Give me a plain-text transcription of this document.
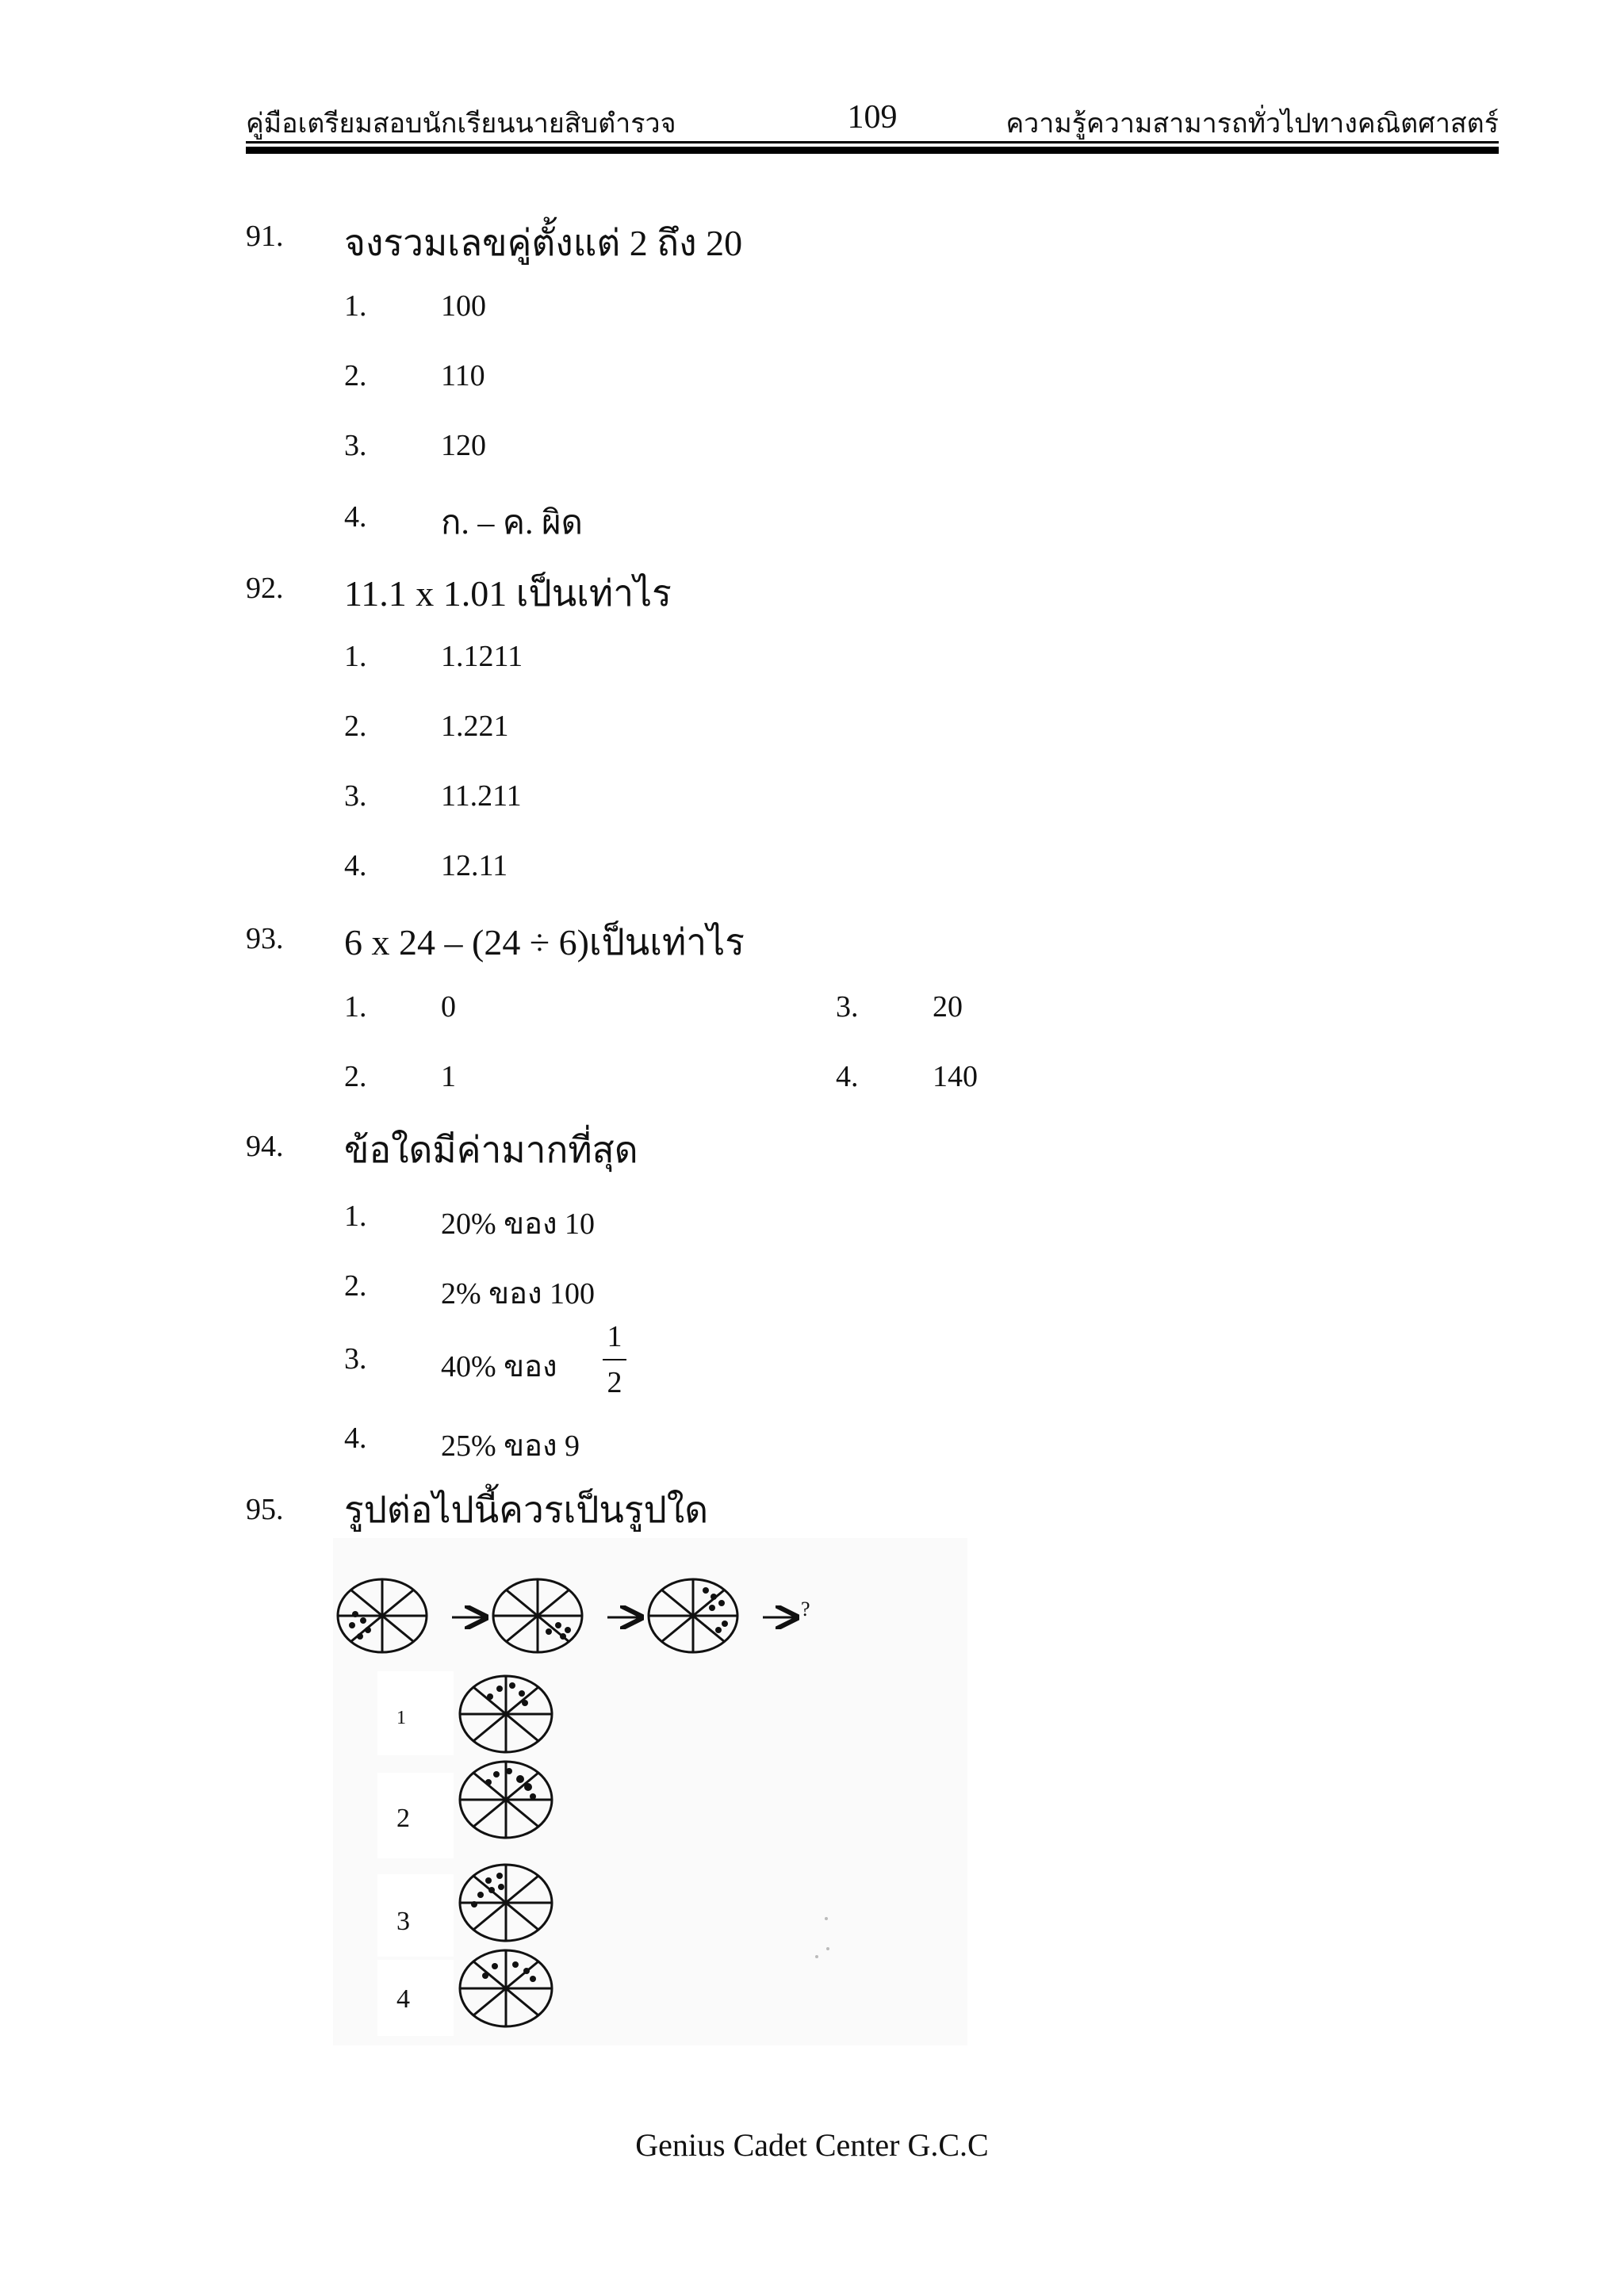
คู่มือเตรียมสอบนักเรียนนายสิบตำรวจ	109	ความรู้ความสามารถทั่วไปทางคณิตศาสตร์
91. จงรวมเลขคู่ตั้งแต่ 2 ถึง 20
1. 100
2. 110
3. 120
4. ก. – ค. ผิด
92. 11.1 x 1.01 เป็นเท่าไร
1. 1.1211
2. 1.221
3. 11.211
4. 12.11
93. 6 x 24 – (24 ÷ 6)เป็นเท่าไร
1. 0
2. 1
3. 20
4. 140
94. ข้อใดมีค่ามากที่สุด
1. 20% ของ 10
2. 2% ของ 100
3. 40% ของ
1
2
4. 25% ของ 9
95. รูปต่อไปนี้ควรเป็นรูปใด
?
1
2
3
4
Genius Cadet Center G.C.C
